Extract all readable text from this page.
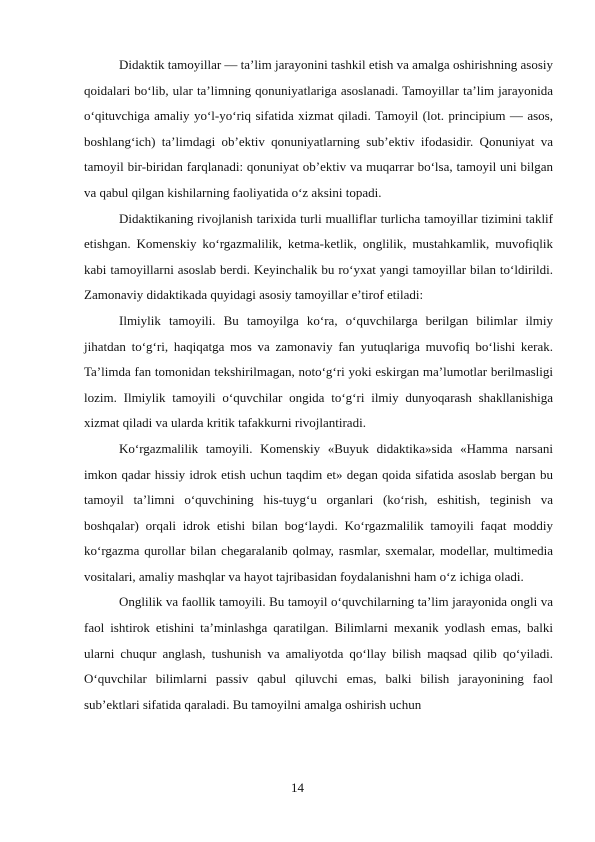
Didaktik tamoyillar — ta’lim jarayonini tashkil etish va amalga oshirishning asosiy qoidalari bo‘lib, ular ta’limning qonuniyatlariga asoslanadi. Tamoyillar ta’lim jarayonida o‘qituvchiga amaliy yo‘l-yo‘riq sifatida xizmat qiladi. Tamoyil (lot. principium — asos, boshlang‘ich) ta’limdagi ob’ektiv qonuniyatlarning sub’ektiv ifodasidir. Qonuniyat va tamoyil bir-biridan farqlanadi: qonuniyat ob’ektiv va muqarrar bo‘lsa, tamoyil uni bilgan va qabul qilgan kishilarning faoliyatida o‘z aksini topadi.

Didaktikaning rivojlanish tarixida turli mualliflar turlicha tamoyillar tizimini taklif etishgan. Komenskiy ko‘rgazmalilik, ketma-ketlik, onglilik, mustahkamlik, muvofiqlik kabi tamoyillarni asoslab berdi. Keyinchalik bu ro‘yxat yangi tamoyillar bilan to‘ldirildi. Zamonaviy didaktikada quyidagi asosiy tamoyillar e’tirof etiladi:

Ilmiylik tamoyili. Bu tamoyilga ko‘ra, o‘quvchilarga berilgan bilimlar ilmiy jihatdan to‘g‘ri, haqiqatga mos va zamonaviy fan yutuqlariga muvofiq bo‘lishi kerak. Ta’limda fan tomonidan tekshirilmagan, noto‘g‘ri yoki eskirgan ma’lumotlar berilmasligi lozim. Ilmiylik tamoyili o‘quvchilar ongida to‘g‘ri ilmiy dunyoqarash shakllanishiga xizmat qiladi va ularda kritik tafakkurni rivojlantiradi.

Ko‘rgazmalilik tamoyili. Komenskiy «Buyuk didaktika»sida «Hamma narsani imkon qadar hissiy idrok etish uchun taqdim et» degan qoida sifatida asoslab bergan bu tamoyil ta’limni o‘quvchining his-tuyg‘u organlari (ko‘rish, eshitish, teginish va boshqalar) orqali idrok etishi bilan bog‘laydi. Ko‘rgazmalilik tamoyili faqat moddiy ko‘rgazma qurollar bilan chegaralanib qolmay, rasmlar, sxemalar, modellar, multimedia vositalari, amaliy mashqlar va hayot tajribasidan foydalanishni ham o‘z ichiga oladi.

Onglilik va faollik tamoyili. Bu tamoyil o‘quvchilarning ta’lim jarayonida ongli va faol ishtirok etishini ta’minlashga qaratilgan. Bilimlarni mexanik yodlash emas, balki ularni chuqur anglash, tushunish va amaliyotda qo‘llay bilish maqsad qilib qo‘yiladi. O‘quvchilar bilimlarni passiv qabul qiluvchi emas, balki bilish jarayonining faol sub’ektlari sifatida qaraladi. Bu tamoyilni amalga oshirish uchun

14
